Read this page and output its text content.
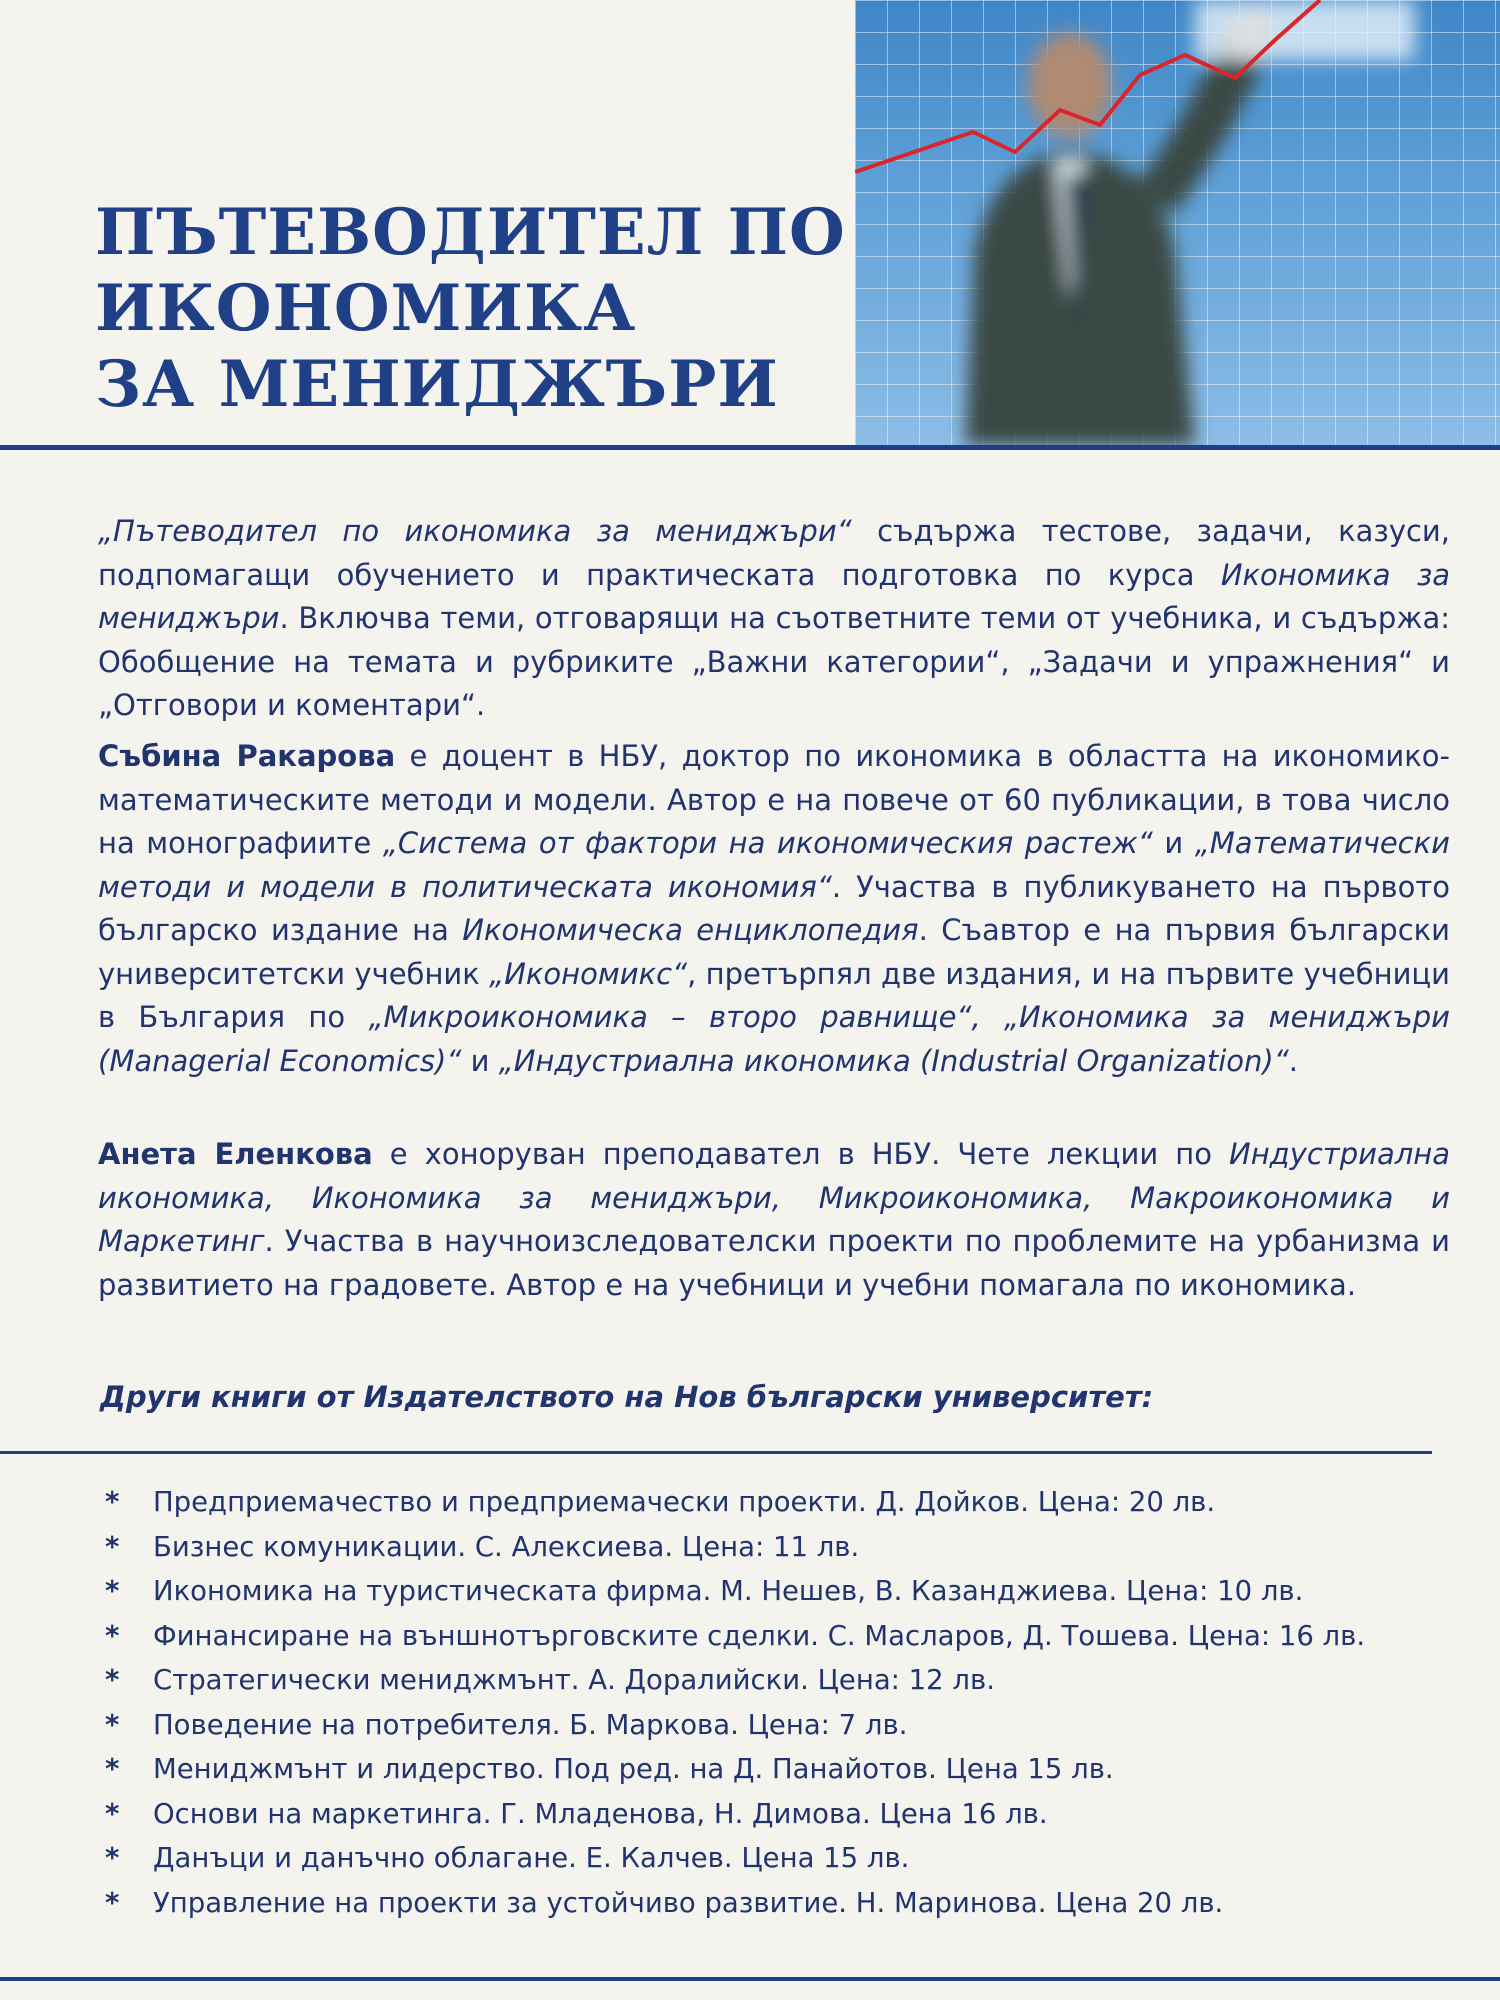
ПЪТЕВОДИТЕЛ ПО
ИКОНОМИКА
ЗА МЕНИДЖЪРИ

„Пътеводител по икономика за мениджъри“ съдържа тестове, задачи, казуси, подпомагащи обучението и практическата подготовка по курса Икономика за мениджъри. Включва теми, отговарящи на съответните теми от учебника, и съдържа: Обобщение на темата и рубриките „Важни категории“, „Задачи и упражнения“ и „Отговори и коментари“.

Събина Ракарова е доцент в НБУ, доктор по икономика в областта на икономико-математическите методи и модели. Автор е на повече от 60 публикации, в това число на монографиите „Система от фактори на икономическия растеж“ и „Математически методи и модели в политическата икономия“. Участва в публикуването на първото българско издание на Икономическа енциклопедия. Съавтор е на първия български университетски учебник „Икономикс“, претърпял две издания, и на първите учебници в България по „Микроикономика – второ равнище“, „Икономика за мениджъри (Managerial Economics)“ и „Индустриална икономика (Industrial Organization)“.

Анета Еленкова е хоноруван преподавател в НБУ. Чете лекции по Индустриална икономика, Икономика за мениджъри, Микроикономика, Макроикономика и Маркетинг. Участва в научноизследователски проекти по проблемите на урбанизма и развитието на градовете. Автор е на учебници и учебни помагала по икономика.

Други книги от Издателството на Нов български университет:
* Предприемачество и предприемачески проекти. Д. Дойков. Цена: 20 лв.
* Бизнес комуникации. С. Алексиева. Цена: 11 лв.
* Икономика на туристическата фирма. М. Нешев, В. Казанджиева. Цена: 10 лв.
* Финансиране на външнотърговските сделки. С. Масларов, Д. Тошева. Цена: 16 лв.
* Стратегически мениджмънт. А. Доралийски. Цена: 12 лв.
* Поведение на потребителя. Б. Маркова. Цена: 7 лв.
* Мениджмънт и лидерство. Под ред. на Д. Панайотов. Цена 15 лв.
* Основи на маркетинга. Г. Младенова, Н. Димова. Цена 16 лв.
* Данъци и данъчно облагане. Е. Калчев. Цена 15 лв.
* Управление на проекти за устойчиво развитие. Н. Маринова. Цена 20 лв.
